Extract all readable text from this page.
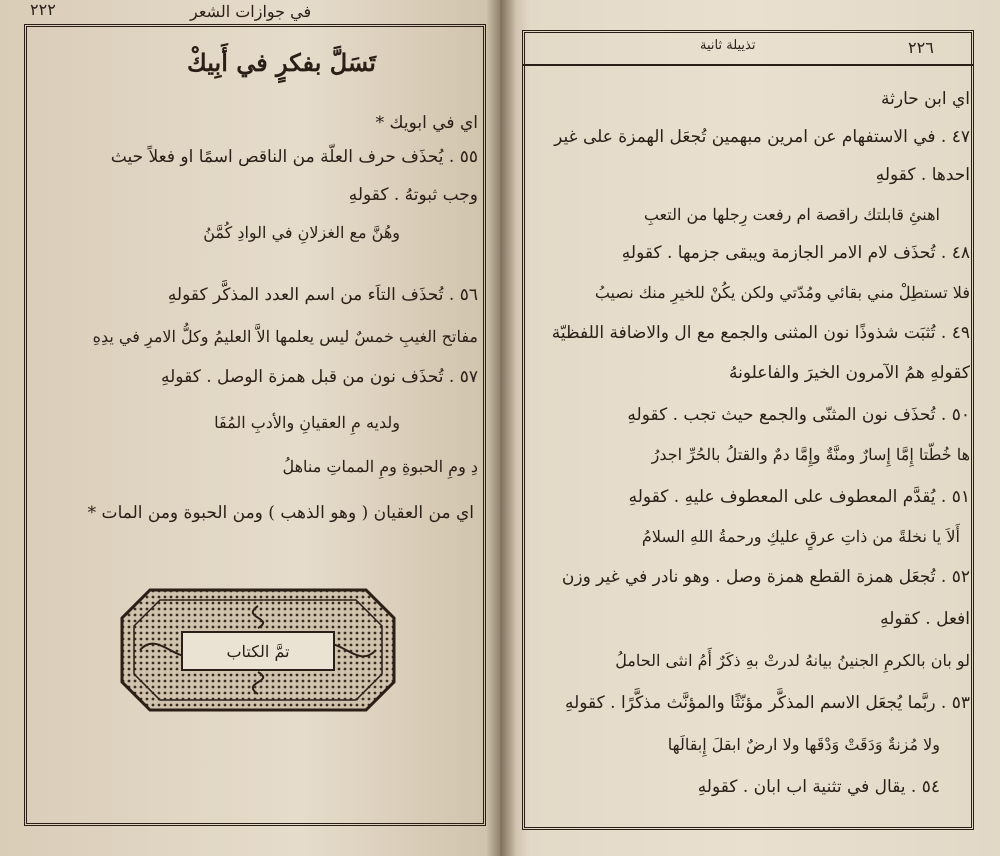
٢٢٢	في جوازات الشعر
تَسَلَّ بفكرٍ في أَبِيكْ
اي في ابويك *
٥٥ . يُحذَف حرف العلّة من الناقص اسمًا او فعلاً حيث
وجب ثبوتهُ . كقولهِ
وهُنَّ مع الغزلانِ في الوادِ كُمَّنُ
٥٦ . تُحذَف التاَء من اسم العدد المذكَّر كقولهِ
مفاتح الغيبِ خمسٌ ليس يعلمها الاَّ العليمُ وكلُّ الامرِ في يدِهِ
٥٧ . تُحذَف نون من قبل همزة الوصل . كقولهِ
ولديه مِ العقيانِ والأدبِ المُفَا
دِ ومِ الحبوةِ ومِ المماتِ مناهلُ
اي من العقيان ( وهو الذهب ) ومن الحبوة ومن المات *
تمَّ الكتاب
٢٢٦
تذييلة ثانية
اي ابن حارثة
٤٧ . في الاستفهام عن امرين مبهمين تُجعَل الهمزة على غير
احدها . كقولهِ
اهنئِ قابلتك راقصة ام رفعت رِجلها من التعبِ
٤٨ . تُحذَف لام الامر الجازمة ويبقى جزمها . كقولهِ
فلا تستطِلْ مني بقائي ومُدّتي ولكن يكُنْ للخيرِ منك نصيبُ
٤٩ . تُثبَت شذوذًا نون المثنى والجمع مع ال والاضافة اللفظيّة
كقولهِ همُ الآمرون الخيرَ والفاعلونهُ
٥٠ . تُحذَف نون المثنّى والجمع حيث تجب . كقولهِ
ها خُطّتا إِمَّا إِسارٌ ومنَّةٌ وإِمَّا دمٌ والقتلُ بالحُرِّ اجدرُ
٥١ . يُقدَّم المعطوف على المعطوف عليهِ . كقولهِ
أَلاَ يا نخلةً من ذاتِ عرقٍ عليكِ ورحمةُ اللهِ السلامُ
٥٢ . تُجعَل همزة القطع همزة وصل . وهو نادر في غير وزن
افعل . كقولهِ
لو بان بالكرمِ الجنينُ بيانهُ لدرتْ بهِ ذكَرٌ أَمُ انثى الحاملُ
٥٣ . ربَّما يُجعَل الاسم المذكَّر مؤنّثًا والمؤنَّث مذكَّرًا . كقولهِ
ولا مُزنةٌ وَدَقَتْ وَدْقَها ولا ارضٌ ابقلَ إِبقالَها
٥٤ . يقال في تثنية اب ابان . كقولهِ
